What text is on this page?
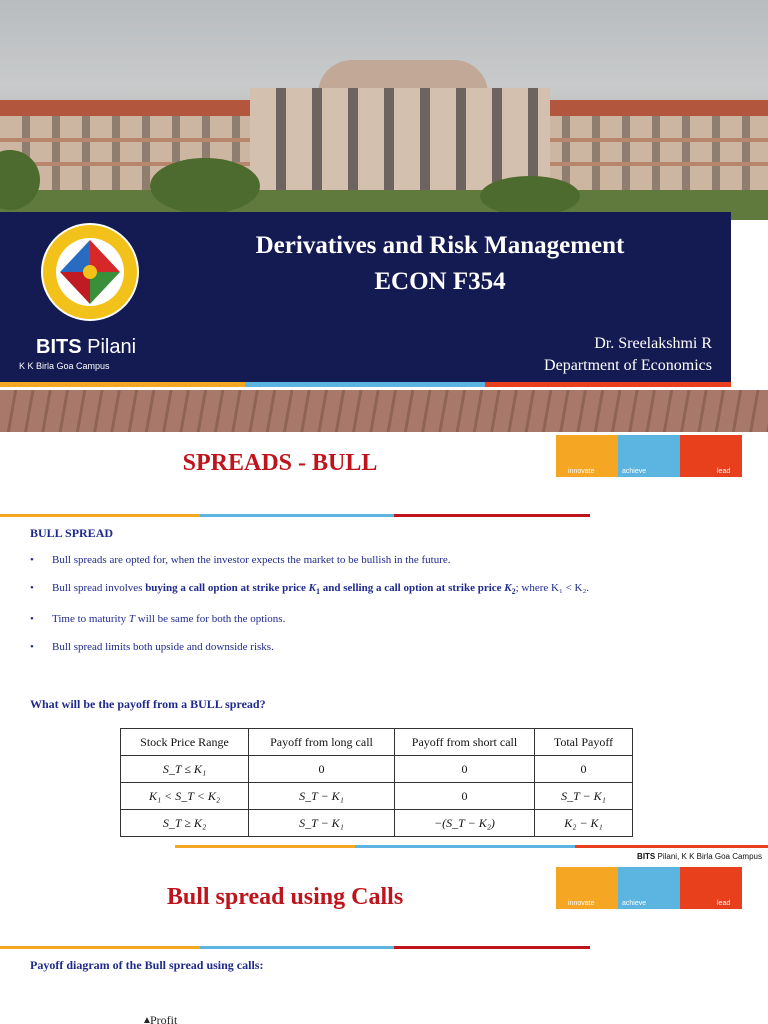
BITS Pilani
K K Birla Goa Campus
Derivatives and Risk Management
ECON F354
Dr. Sreelakshmi R
Department of Economics
SPREADS - BULL	innovate	achieve	lead
BULL SPREAD
• Bull spreads are opted for, when the investor expects the market to be bullish in the future.
• Bull spread involves buying a call option at strike price $K_1$ and selling a call option at strike price $K_2$; where K₁ < K₂.
• Time to maturity T will be same for both the options.
• Bull spread limits both upside and downside risks.
What will be the payoff from a BULL spread?
Stock Price Range	Payoff from long call	Payoff from short call	Total Payoff
S_T ≤ K₁	0	0	0
K₁ < S_T < K₂	S_T − K₁	0	S_T − K₁
S_T ≥ K₂	S_T − K₁	−(S_T − K₂)	K₂ − K₁
BITS Pilani, K K Birla Goa Campus
Bull spread using Calls	innovate	achieve	lead
Payoff diagram of the Bull spread using calls:
▲
Profit
